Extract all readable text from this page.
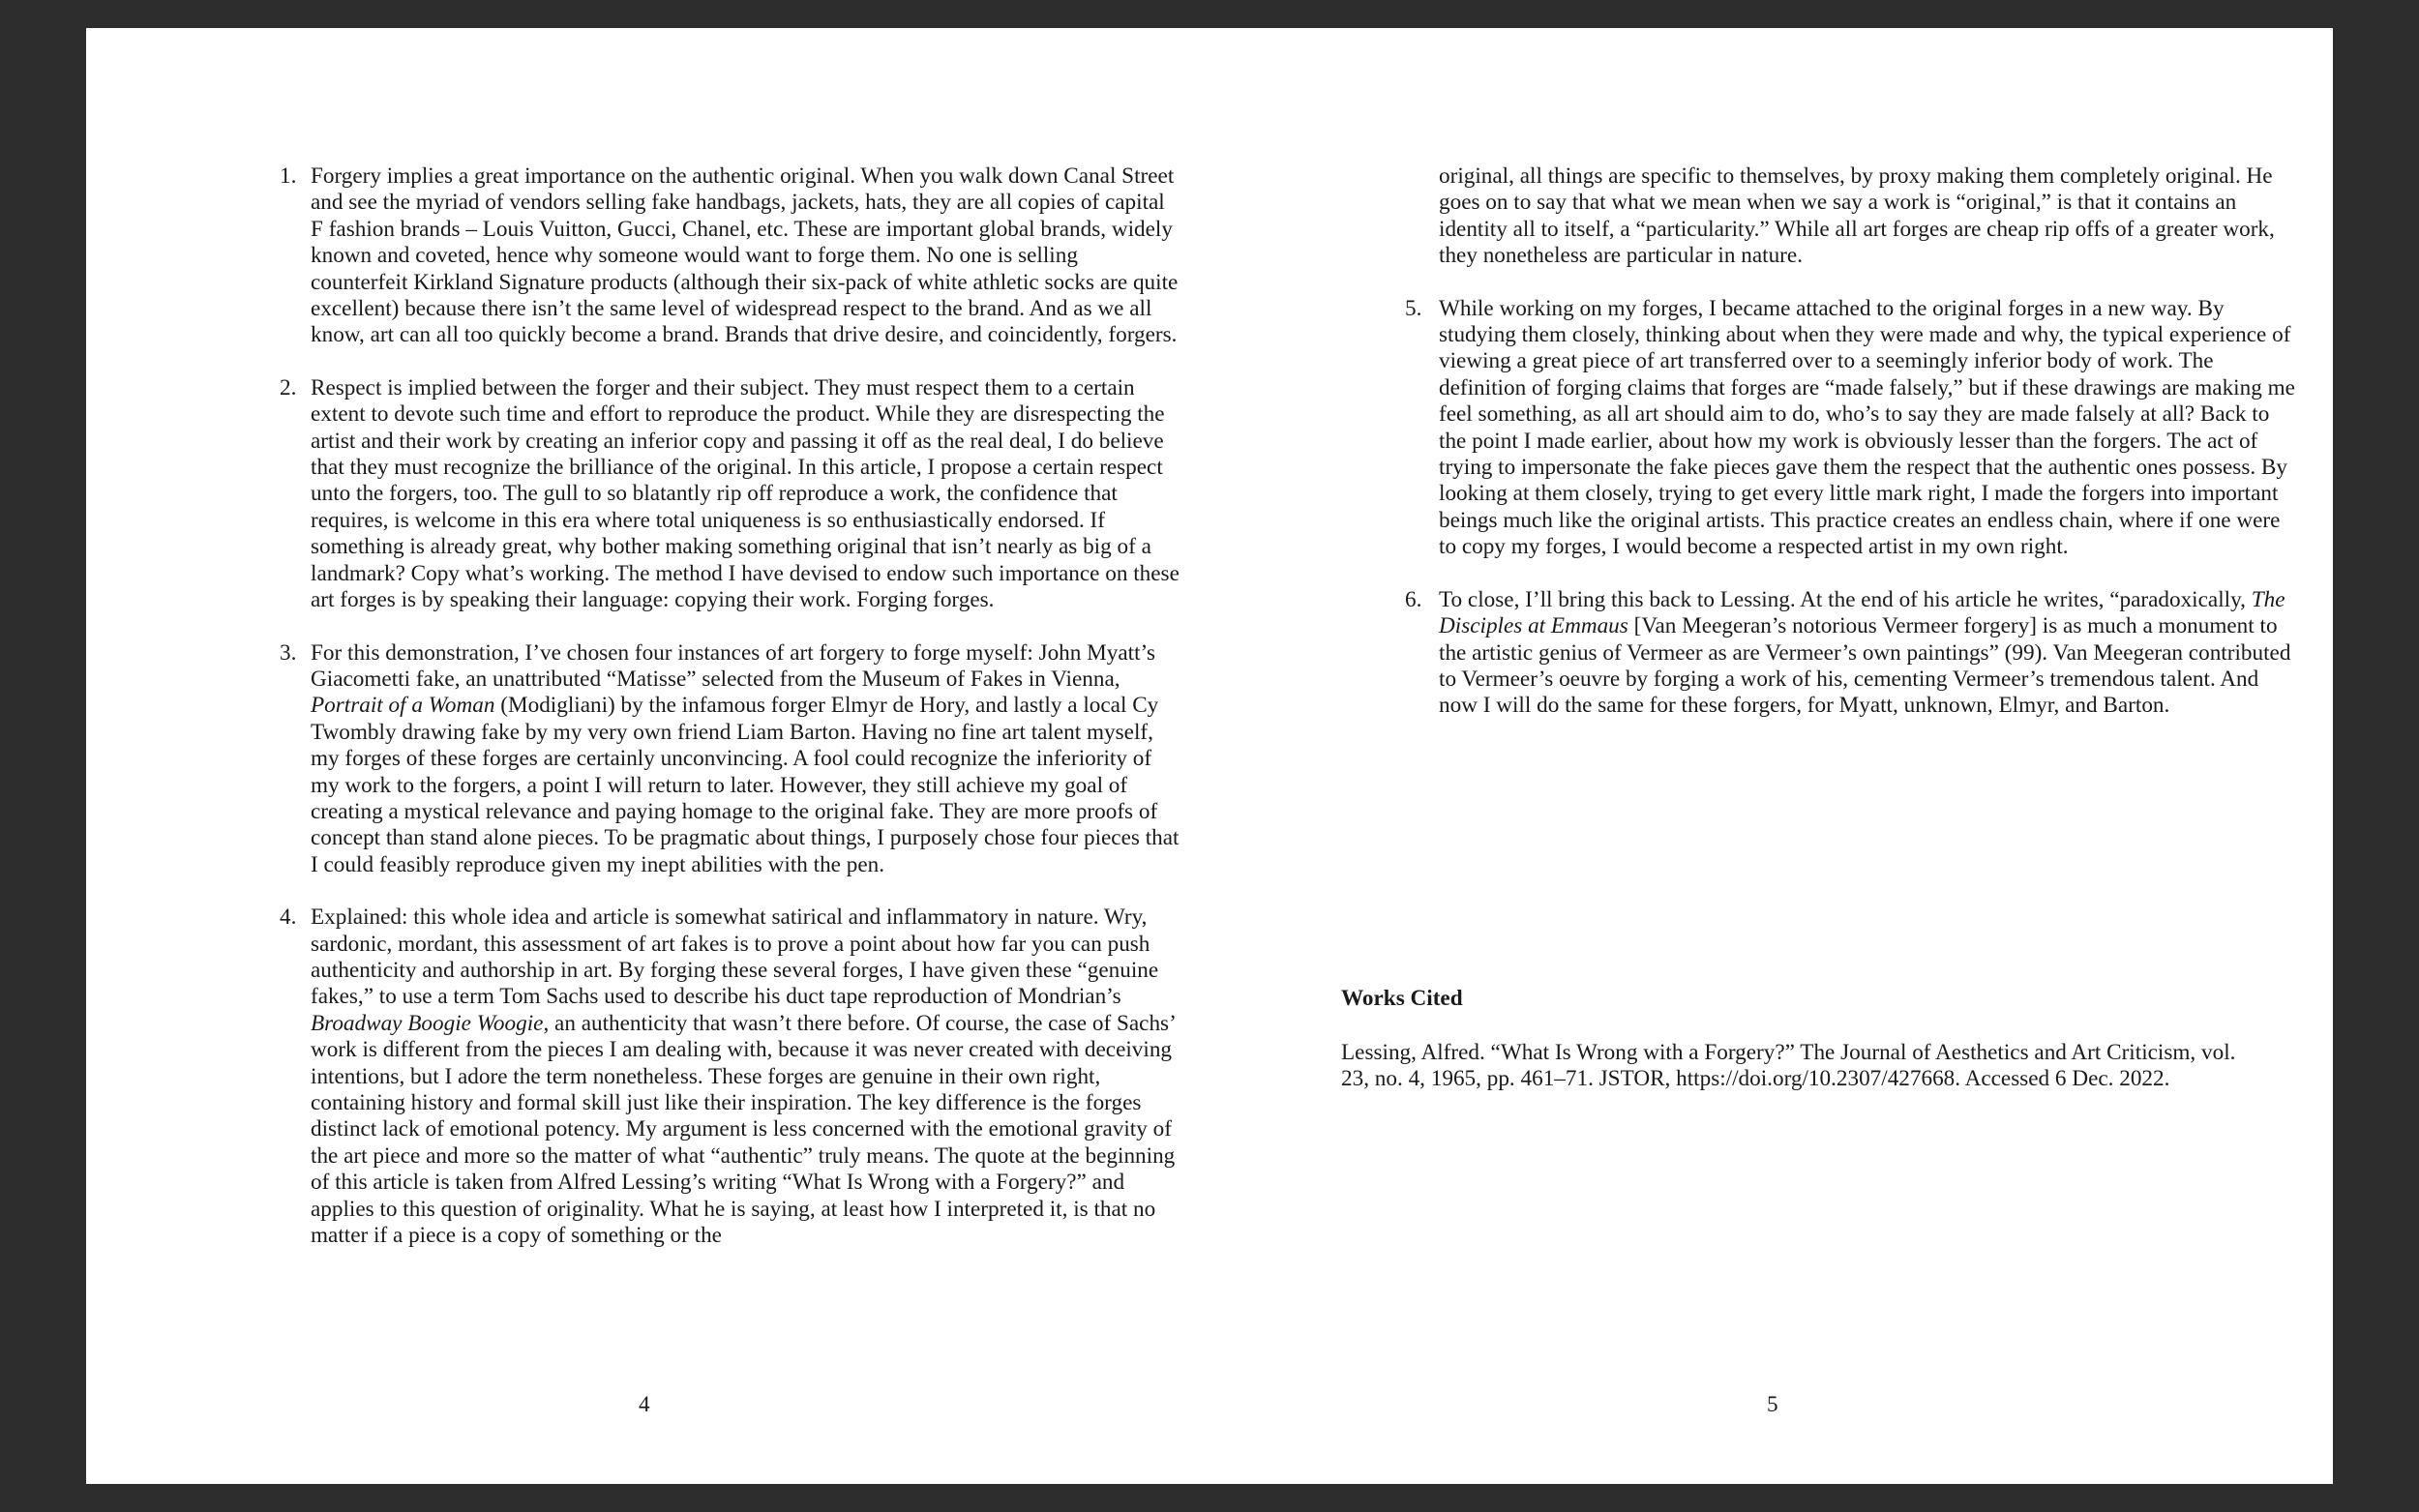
1. Forgery implies a great importance on the authentic original. When you walk down Canal Street and see the myriad of vendors selling fake handbags, jackets, hats, they are all copies of capital F fashion brands – Louis Vuitton, Gucci, Chanel, etc. These are important global brands, widely known and coveted, hence why someone would want to forge them. No one is selling counterfeit Kirkland Signature products (although their six-pack of white athletic socks are quite excellent) because there isn’t the same level of widespread respect to the brand. And as we all know, art can all too quickly become a brand. Brands that drive desire, and coincidently, forgers.
2. Respect is implied between the forger and their subject. They must respect them to a certain extent to devote such time and effort to reproduce the product. While they are disrespecting the artist and their work by creating an inferior copy and passing it off as the real deal, I do believe that they must recognize the brilliance of the original. In this article, I propose a certain respect unto the forgers, too. The gull to so blatantly rip off reproduce a work, the confidence that requires, is welcome in this era where total uniqueness is so enthusiastically endorsed. If something is already great, why bother making something original that isn’t nearly as big of a landmark? Copy what’s working. The method I have devised to endow such importance on these art forges is by speaking their language: copying their work. Forging forges.
3. For this demonstration, I’ve chosen four instances of art forgery to forge myself: John Myatt’s Giacometti fake, an unattributed “Matisse” selected from the Museum of Fakes in Vienna, Portrait of a Woman (Modigliani) by the infamous forger Elmyr de Hory, and lastly a local Cy Twombly drawing fake by my very own friend Liam Barton. Having no fine art talent myself, my forges of these forges are certainly unconvincing. A fool could recognize the inferiority of my work to the forgers, a point I will return to later. However, they still achieve my goal of creating a mystical relevance and paying homage to the original fake. They are more proofs of concept than stand alone pieces. To be pragmatic about things, I purposely chose four pieces that I could feasibly reproduce given my inept abilities with the pen.
4. Explained: this whole idea and article is somewhat satirical and inflammatory in nature. Wry, sardonic, mordant, this assessment of art fakes is to prove a point about how far you can push authenticity and authorship in art. By forging these several forges, I have given these “genuine fakes,” to use a term Tom Sachs used to describe his duct tape reproduction of Mondrian’s Broadway Boogie Woogie, an authenticity that wasn’t there before. Of course, the case of Sachs’ work is different from the pieces I am dealing with, because it was never created with deceiving intentions, but I adore the term nonetheless. These forges are genuine in their own right, containing history and formal skill just like their inspiration. The key difference is the forges distinct lack of emotional potency. My argument is less concerned with the emotional gravity of the art piece and more so the matter of what “authentic” truly means. The quote at the beginning of this article is taken from Alfred Lessing’s writing “What Is Wrong with a Forgery?” and applies to this question of originality. What he is saying, at least how I interpreted it, is that no matter if a piece is a copy of something or the
original, all things are specific to themselves, by proxy making them completely original. He goes on to say that what we mean when we say a work is “original,” is that it contains an identity all to itself, a “particularity.” While all art forges are cheap rip offs of a greater work, they nonetheless are particular in nature.
5. While working on my forges, I became attached to the original forges in a new way. By studying them closely, thinking about when they were made and why, the typical experience of viewing a great piece of art transferred over to a seemingly inferior body of work. The definition of forging claims that forges are “made falsely,” but if these drawings are making me feel something, as all art should aim to do, who’s to say they are made falsely at all? Back to the point I made earlier, about how my work is obviously lesser than the forgers. The act of trying to impersonate the fake pieces gave them the respect that the authentic ones possess. By looking at them closely, trying to get every little mark right, I made the forgers into important beings much like the original artists. This practice creates an endless chain, where if one were to copy my forges, I would become a respected artist in my own right.
6. To close, I’ll bring this back to Lessing. At the end of his article he writes, “paradoxically, The Disciples at Emmaus [Van Meegeran’s notorious Vermeer forgery] is as much a monument to the artistic genius of Vermeer as are Vermeer’s own paintings” (99). Van Meegeran contributed to Vermeer’s oeuvre by forging a work of his, cementing Vermeer’s tremendous talent. And now I will do the same for these forgers, for Myatt, unknown, Elmyr, and Barton.
Works Cited
Lessing, Alfred. “What Is Wrong with a Forgery?” The Journal of Aesthetics and Art Criticism, vol. 23, no. 4, 1965, pp. 461–71. JSTOR, https://doi.org/10.2307/427668. Accessed 6 Dec. 2022.
4	5
